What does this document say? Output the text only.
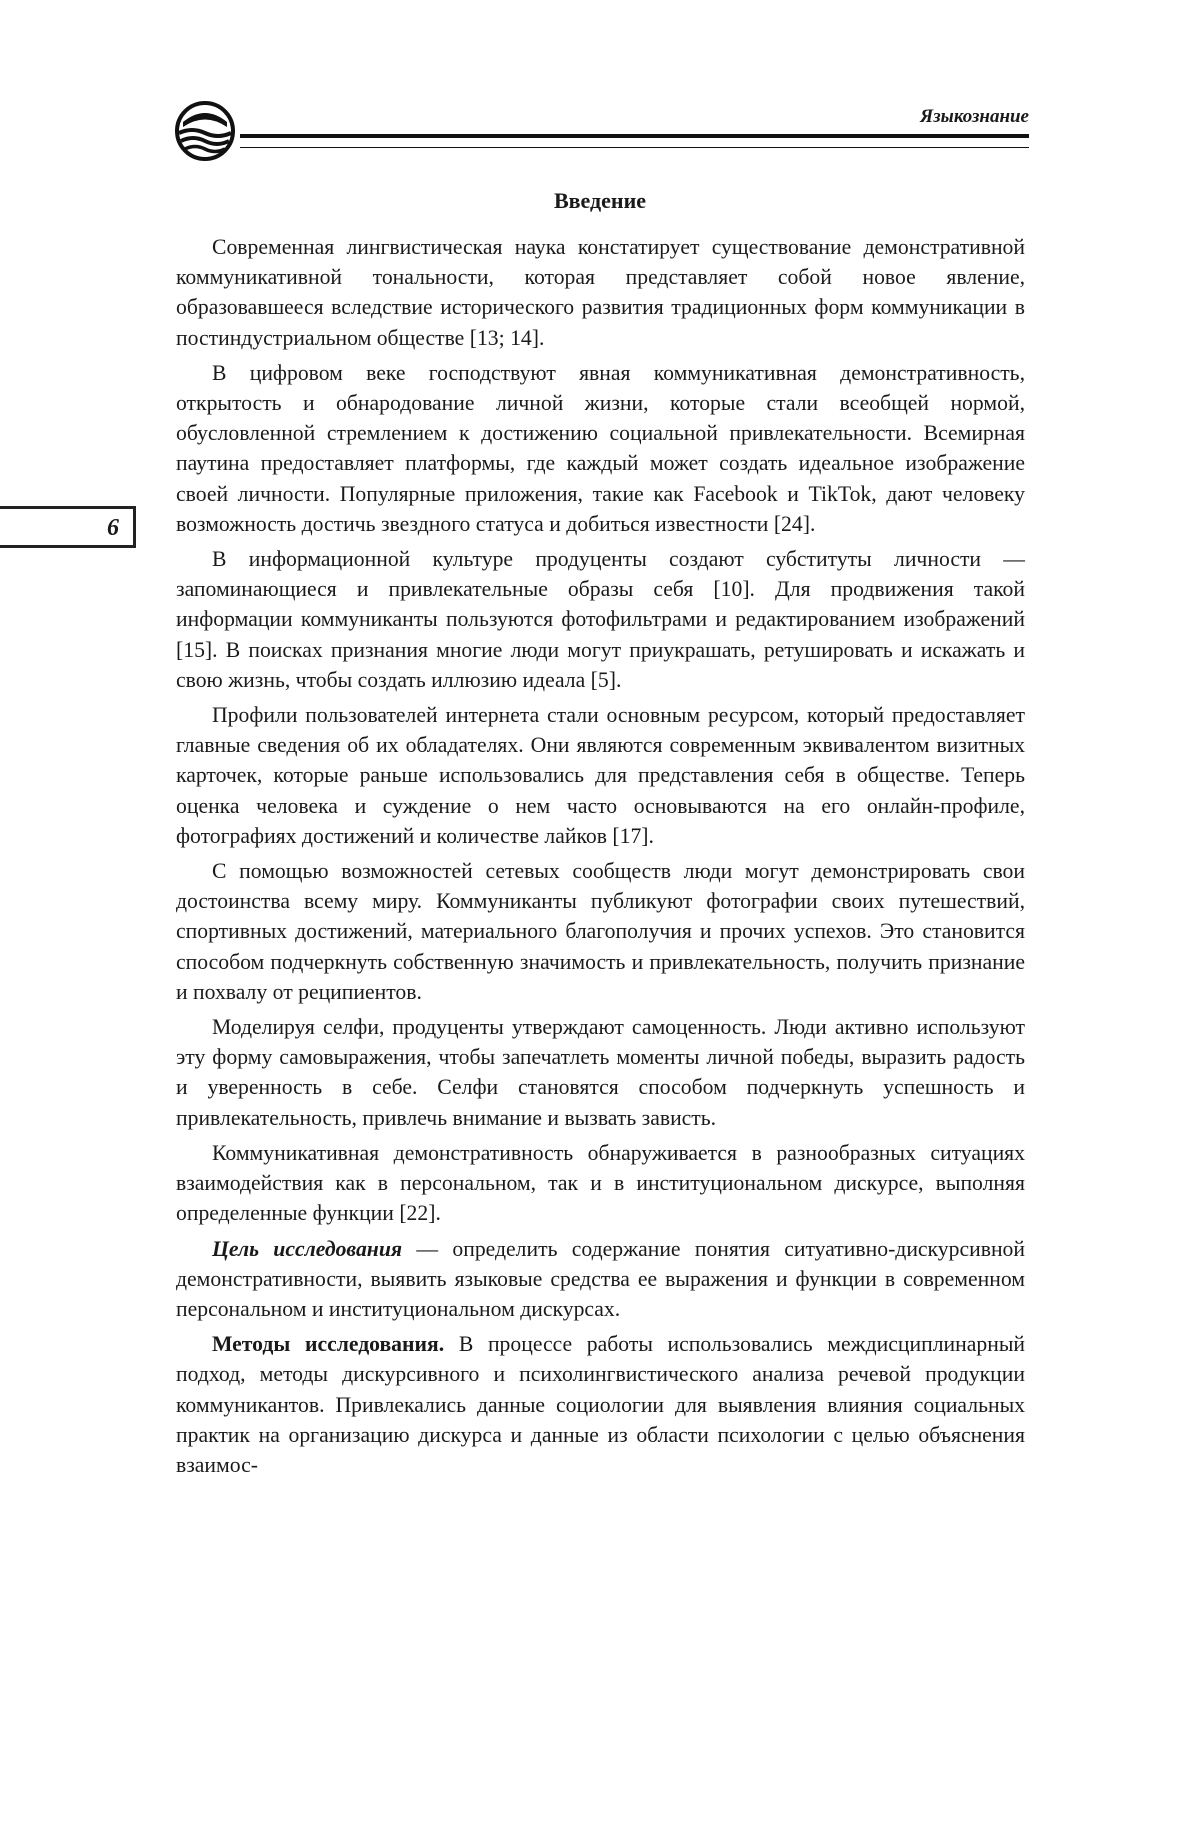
Языкознание
6
Введение

Современная лингвистическая наука констатирует существование демонстративной коммуникативной тональности, которая представляет собой новое явление, образовавшееся вследствие исторического развития традиционных форм коммуникации в постиндустриальном обществе [13; 14].

В цифровом веке господствуют явная коммуникативная демонстративность, открытость и обнародование личной жизни, которые стали всеобщей нормой, обусловленной стремлением к достижению социальной привлекательности. Всемирная паутина предоставляет платформы, где каждый может создать идеальное изображение своей личности. Популярные приложения, такие как Facebook и TikTok, дают человеку возможность достичь звездного статуса и добиться известности [24].

В информационной культуре продуценты создают субституты личности — запоминающиеся и привлекательные образы себя [10]. Для продвижения такой информации коммуниканты пользуются фотофильтрами и редактированием изображений [15]. В поисках признания многие люди могут приукрашать, ретушировать и искажать и свою жизнь, чтобы создать иллюзию идеала [5].

Профили пользователей интернета стали основным ресурсом, который предоставляет главные сведения об их обладателях. Они являются современным эквивалентом визитных карточек, которые раньше использовались для представления себя в обществе. Теперь оценка человека и суждение о нем часто основываются на его онлайн-профиле, фотографиях достижений и количестве лайков [17].

С помощью возможностей сетевых сообществ люди могут демонстрировать свои достоинства всему миру. Коммуниканты публикуют фотографии своих путешествий, спортивных достижений, материального благополучия и прочих успехов. Это становится способом подчеркнуть собственную значимость и привлекательность, получить признание и похвалу от реципиентов.

Моделируя селфи, продуценты утверждают самоценность. Люди активно используют эту форму самовыражения, чтобы запечатлеть моменты личной победы, выразить радость и уверенность в себе. Селфи становятся способом подчеркнуть успешность и привлекательность, привлечь внимание и вызвать зависть.

Коммуникативная демонстративность обнаруживается в разнообразных ситуациях взаимодействия как в персональном, так и в институциональном дискурсе, выполняя определенные функции [22].

Цель исследования — определить содержание понятия ситуативно-дискурсивной демонстративности, выявить языковые средства ее выражения и функции в современном персональном и институциональном дискурсах.

Методы исследования. В процессе работы использовались междисциплинарный подход, методы дискурсивного и психолингвистического анализа речевой продукции коммуникантов. Привлекались данные социологии для выявления влияния социальных практик на организацию дискурса и данные из области психологии с целью объяснения взаимос-
